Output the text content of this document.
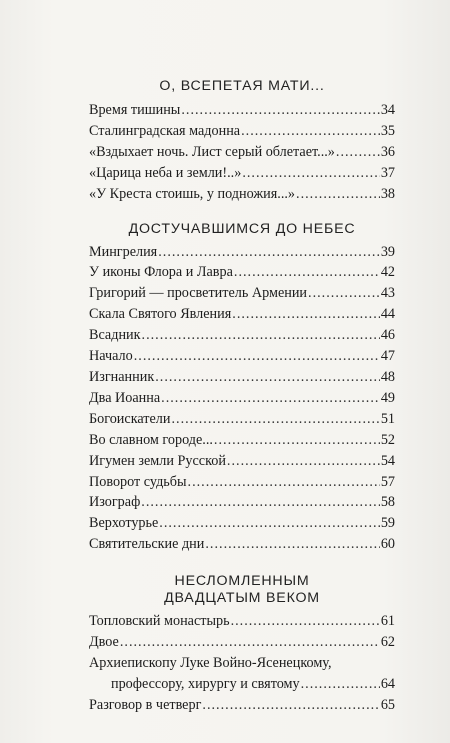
О, ВСЕПЕТАЯ МАТИ...
Время тишины .....	34
Сталинградская мадонна .....	35
«Вздыхает ночь. Лист серый облетает...» .....	36
«Царица неба и земли!..» .....	37
«У Креста стоишь, у подножия...» .....	38
ДОСТУЧАВШИМСЯ ДО НЕБЕС
Мингрелия .....	39
У иконы Флора и Лавра .....	42
Григорий — просветитель Армении .....	43
Скала Святого Явления .....	44
Всадник .....	46
Начало .....	47
Изгнанник .....	48
Два Иоанна .....	49
Богоискатели .....	51
Во славном городе... .....	52
Игумен земли Русской .....	54
Поворот судьбы .....	57
Изограф .....	58
Верхотурье .....	59
Святительские дни .....	60
НЕСЛОМЛЕННЫМ
ДВАДЦАТЫМ ВЕКОМ
Топловский монастырь .....	61
Двое .....	62
Архиепископу Луке Войно-Ясенецкому,
профессору, хирургу и святому .....	64
Разговор в четверг .....	65
